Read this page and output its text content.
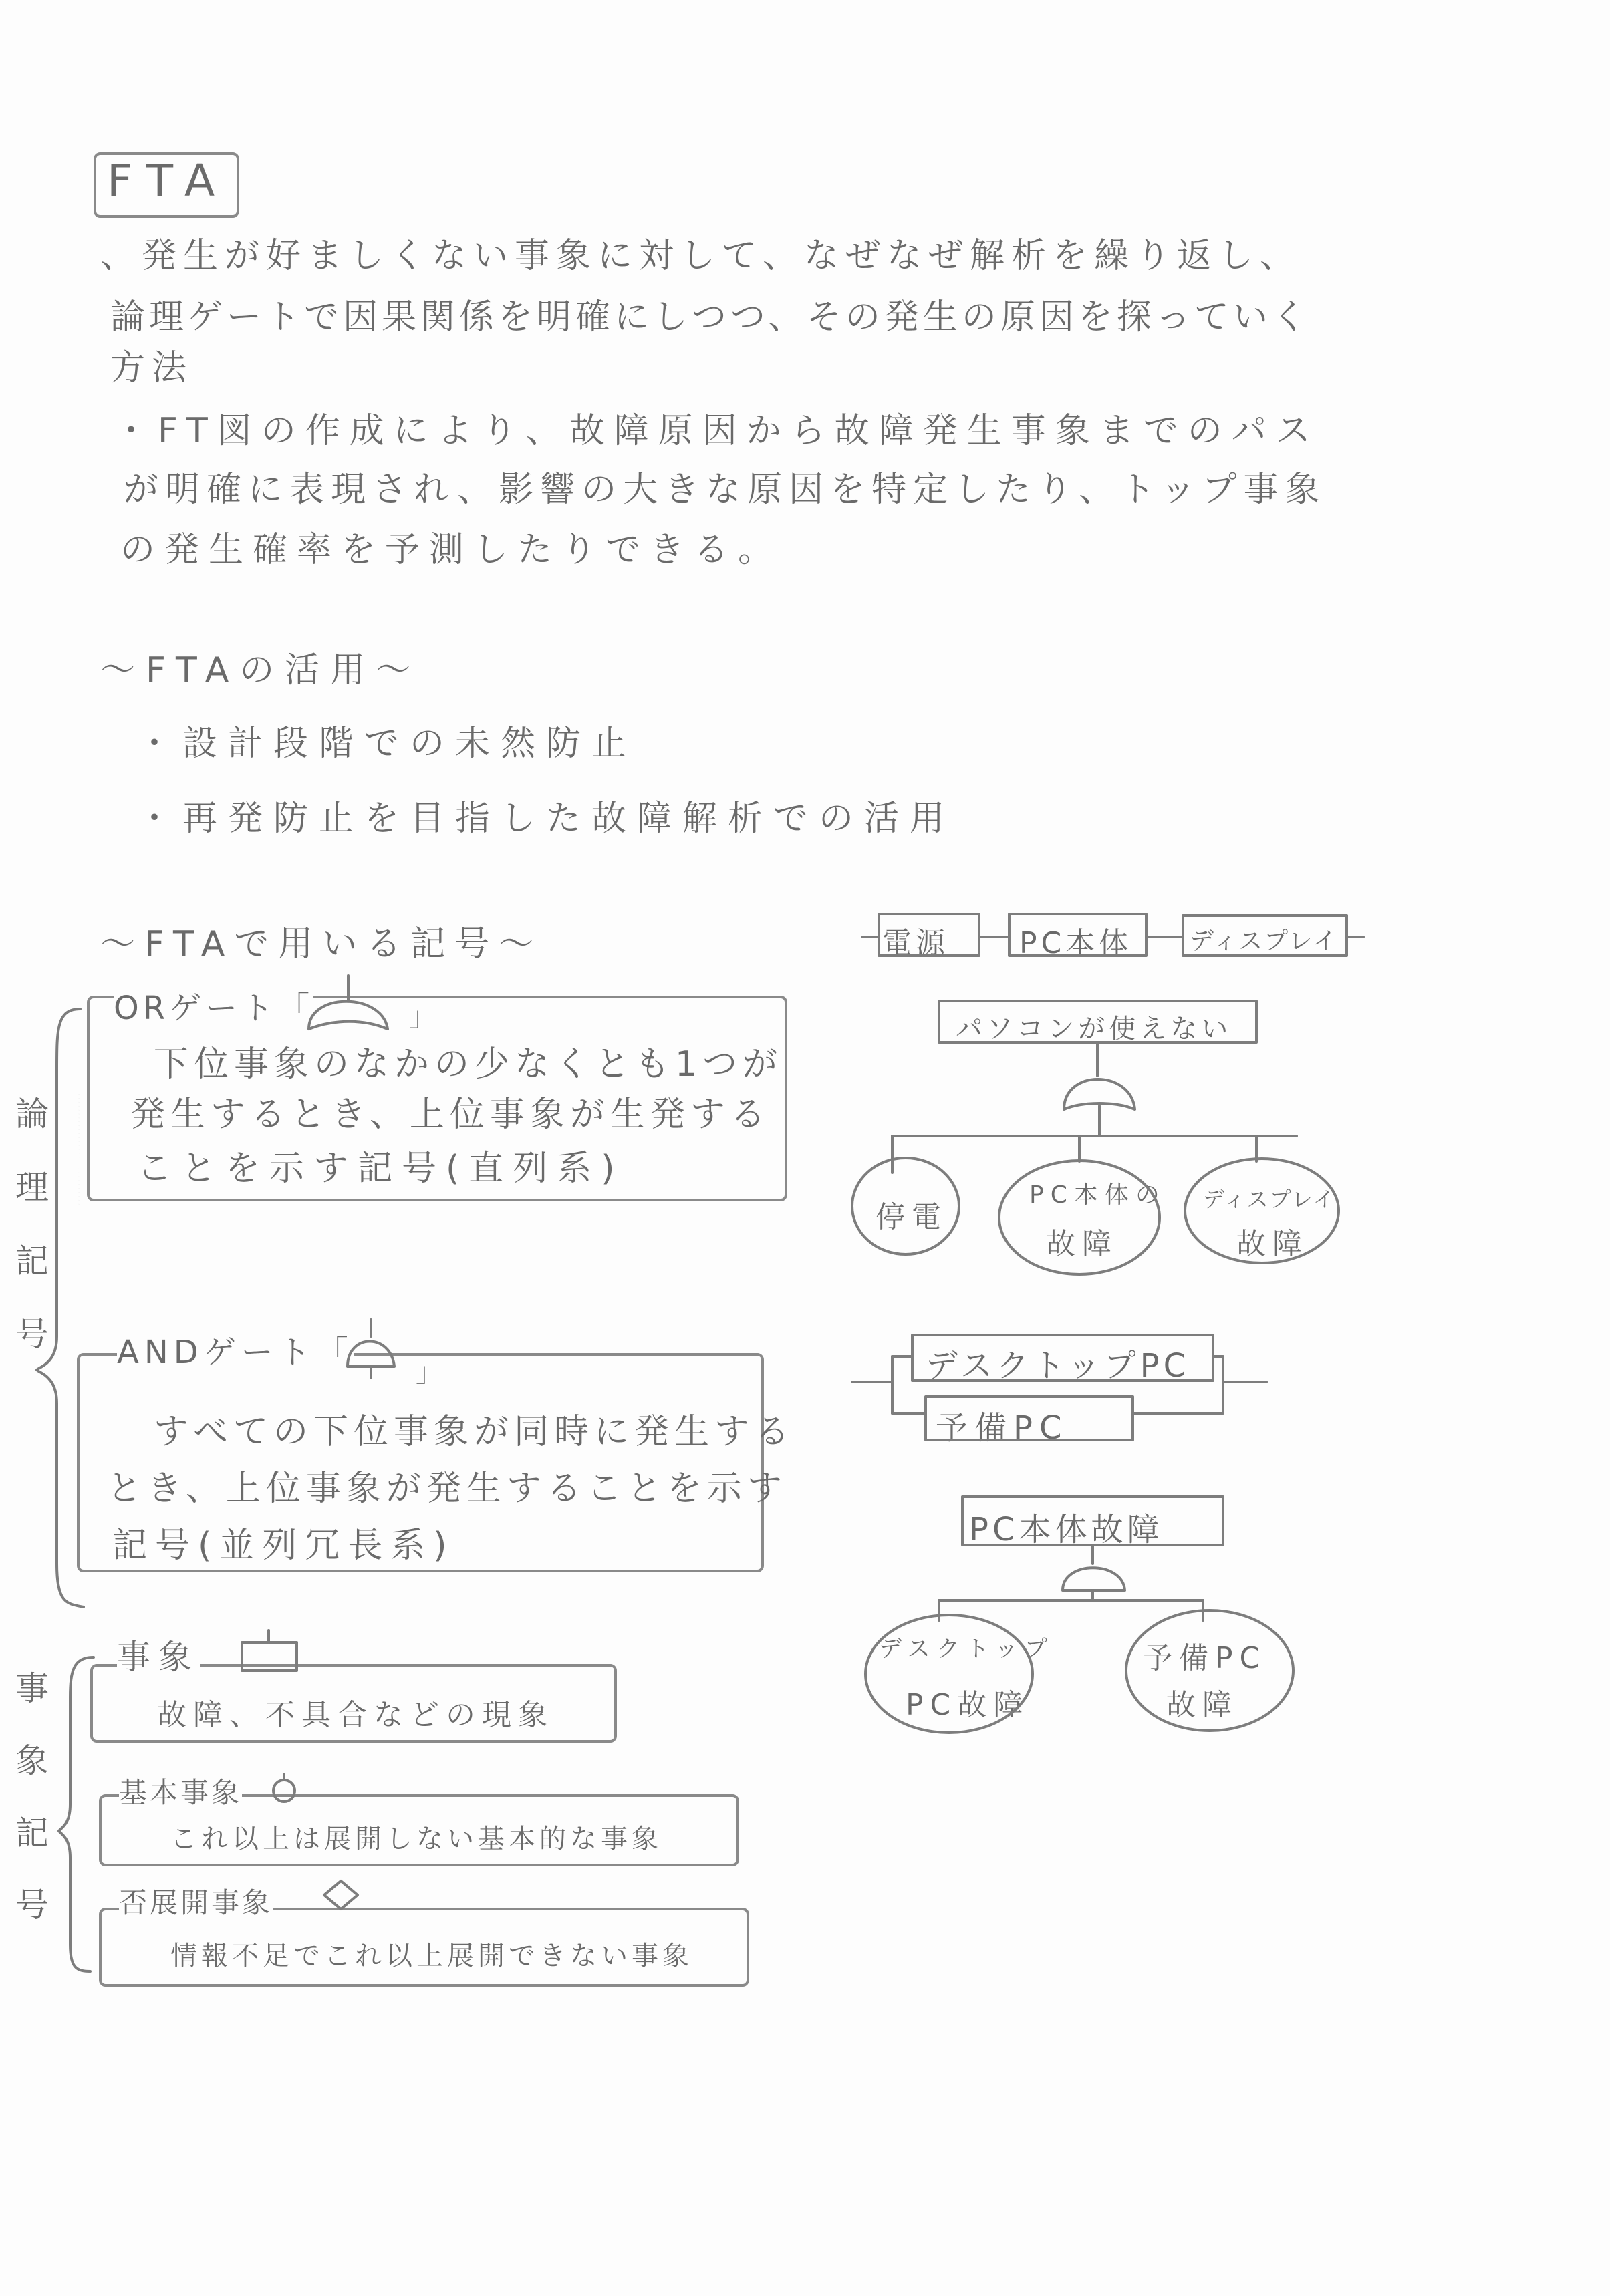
FTA
、発生が好ましくない事象に対して、なぜなぜ解析を繰り返し、
論理ゲートで因果関係を明確にしつつ、その発生の原因を探っていく
方法
・FT図の作成により、故障原因から故障発生事象までのパス
が明確に表現され、影響の大きな原因を特定したり、トップ事象
の発生確率を予測したりできる。
〜FTAの活用〜
・設計段階での未然防止
・再発防止を目指した故障解析での活用
〜FTAで用いる記号〜
論理記号
事象記号
ORゲート「	」
下位事象のなかの少なくとも1つが
発生するとき、上位事象が生発する
ことを示す記号(直列系)
ANDゲート「
」
すべての下位事象が同時に発生する
とき、上位事象が発生することを示す
記号(並列冗長系)
事象
故障、不具合などの現象
基本事象
これ以上は展開しない基本的な事象
否展開事象
情報不足でこれ以上展開できない事象
電源 PC本体 ディスプレイ
パソコンが使えない
停電
PC本体の
故障
ディスプレイ
故障
デスクトップPC
予備PC
PC本体故障
デスクトップ
PC故障
予備PC
故障
